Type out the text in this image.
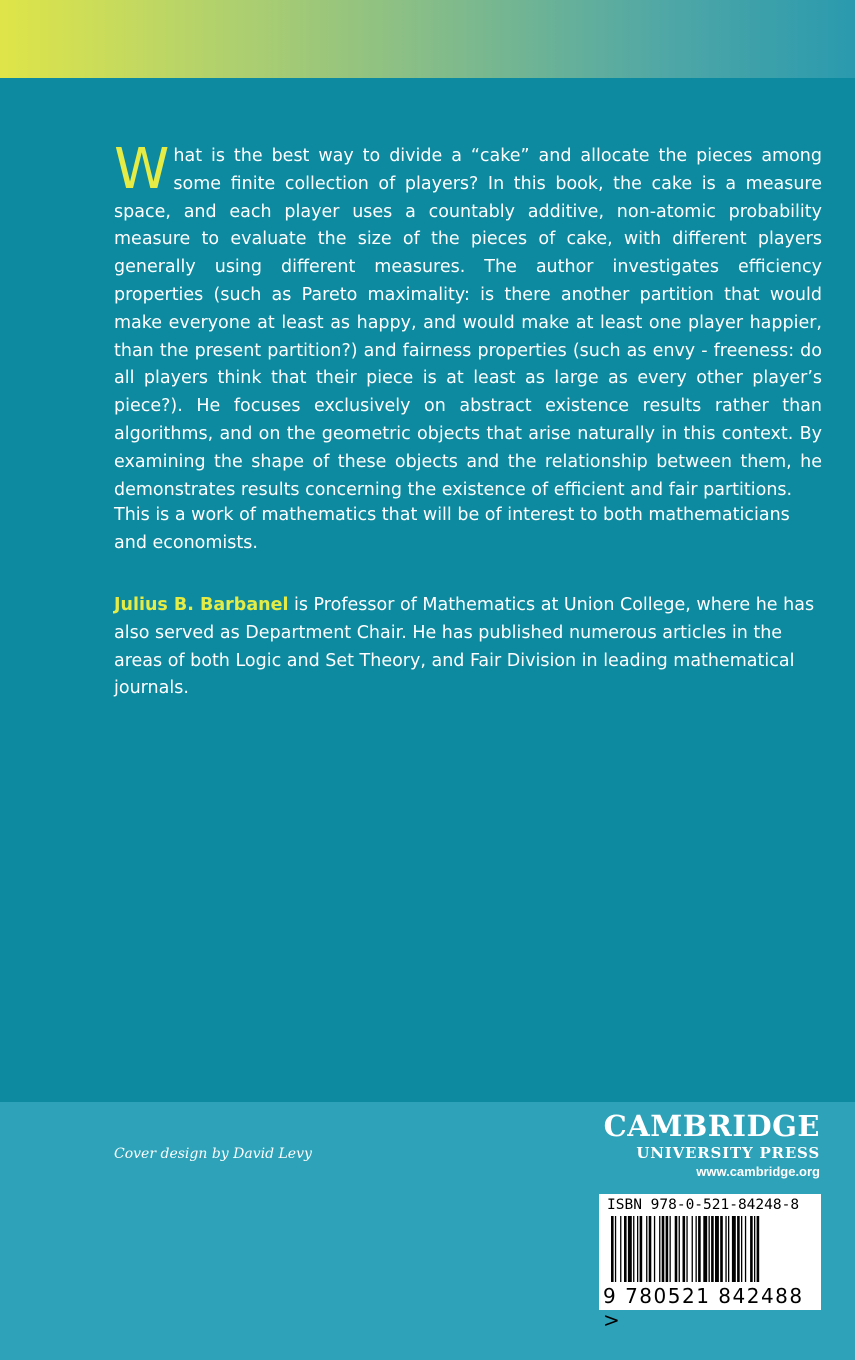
What is the best way to divide a “cake” and allocate the pieces among some finite collection of players? In this book, the cake is a measure space, and each player uses a countably additive, non-atomic probability measure to evaluate the size of the pieces of cake, with different players generally using different measures. The author investigates efficiency properties (such as Pareto maximality: is there another partition that would make everyone at least as happy, and would make at least one player happier, than the present partition?) and fairness properties (such as envy - freeness: do all players think that their piece is at least as large as every other player’s piece?). He focuses exclusively on abstract existence results rather than algorithms, and on the geometric objects that arise naturally in this context. By examining the shape of these objects and the relationship between them, he demonstrates results concerning the existence of efficient and fair partitions.

This is a work of mathematics that will be of interest to both mathematicians and economists.

Julius B. Barbanel is Professor of Mathematics at Union College, where he has also served as Department Chair. He has published numerous articles in the areas of both Logic and Set Theory, and Fair Division in leading mathematical journals.

Cover design by David Levy
CAMBRIDGE
UNIVERSITY PRESS
www.cambridge.org
ISBN 978-0-521-84248-8
9 780521 842488 >
